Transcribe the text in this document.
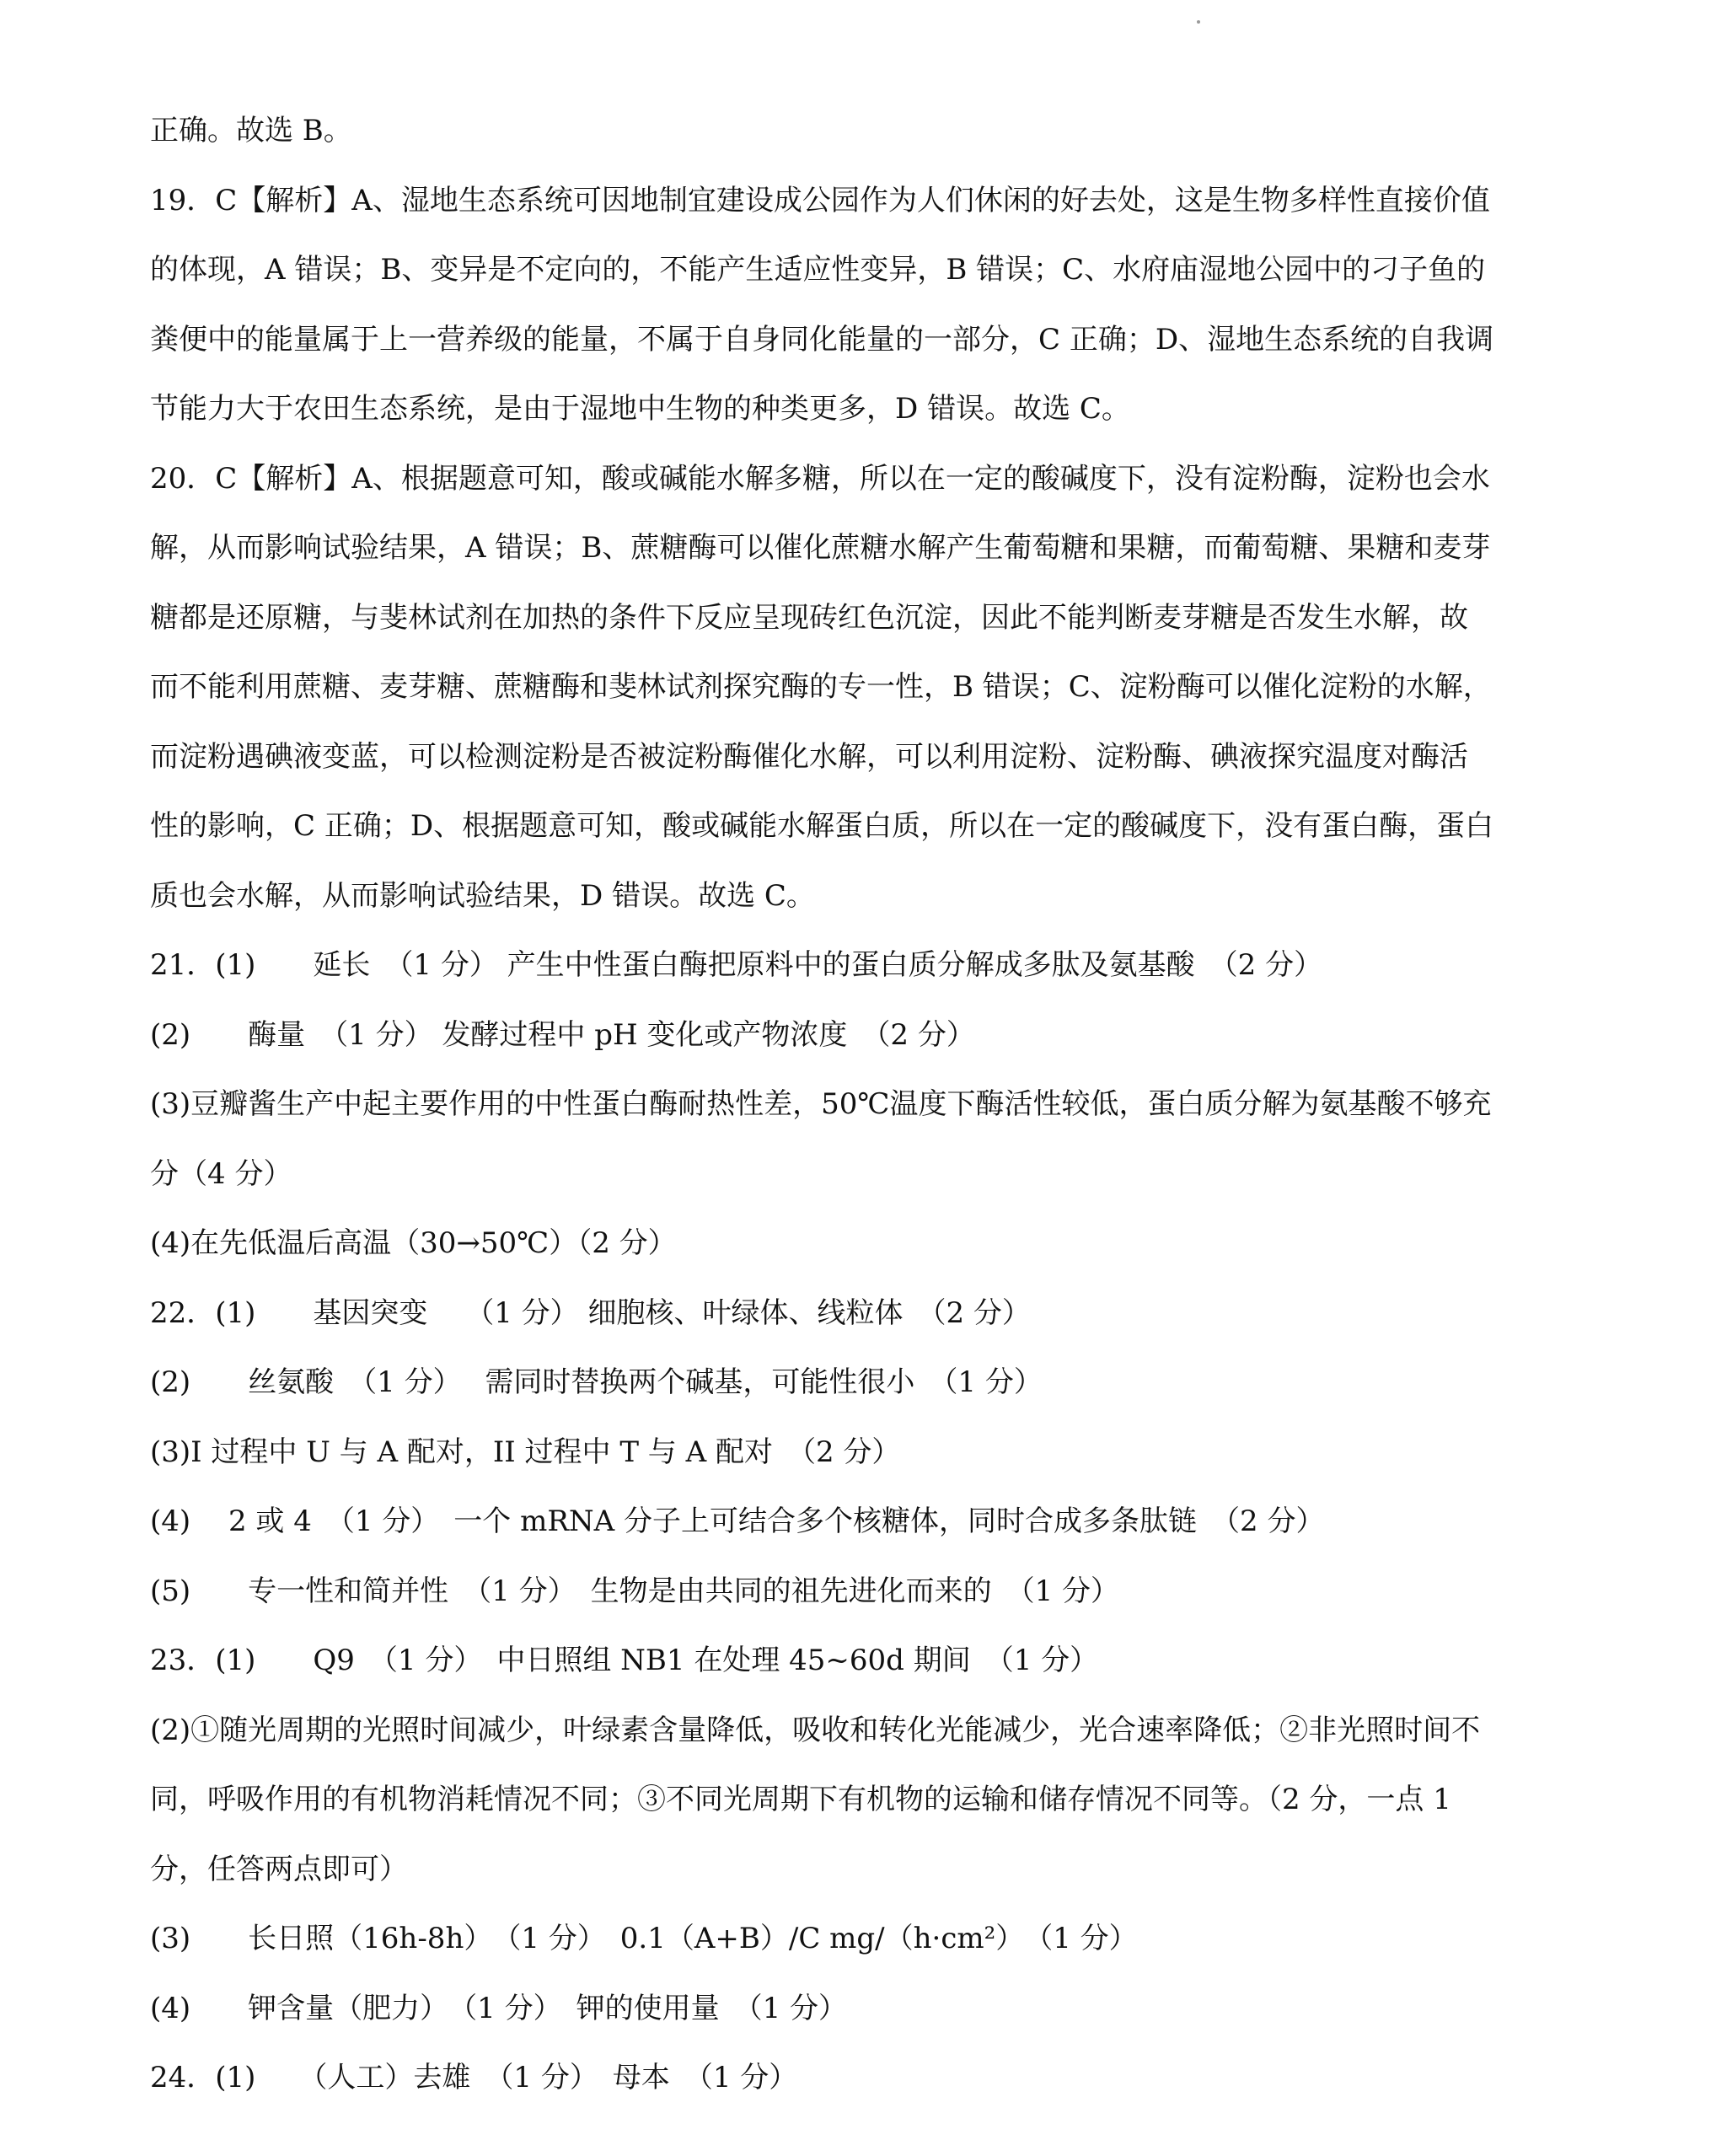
正确。故选 B。
19．C【解析】A、湿地生态系统可因地制宜建设成公园作为人们休闲的好去处，这是生物多样性直接价值
的体现，A 错误；B、变异是不定向的，不能产生适应性变异，B 错误；C、水府庙湿地公园中的刁子鱼的
粪便中的能量属于上一营养级的能量，不属于自身同化能量的一部分，C 正确；D、湿地生态系统的自我调
节能力大于农田生态系统，是由于湿地中生物的种类更多，D 错误。故选 C。
20．C【解析】A、根据题意可知，酸或碱能水解多糖，所以在一定的酸碱度下，没有淀粉酶，淀粉也会水
解，从而影响试验结果，A 错误；B、蔗糖酶可以催化蔗糖水解产生葡萄糖和果糖，而葡萄糖、果糖和麦芽
糖都是还原糖，与斐林试剂在加热的条件下反应呈现砖红色沉淀，因此不能判断麦芽糖是否发生水解，故
而不能利用蔗糖、麦芽糖、蔗糖酶和斐林试剂探究酶的专一性，B 错误；C、淀粉酶可以催化淀粉的水解，
而淀粉遇碘液变蓝，可以检测淀粉是否被淀粉酶催化水解，可以利用淀粉、淀粉酶、碘液探究温度对酶活
性的影响，C 正确；D、根据题意可知，酸或碱能水解蛋白质，所以在一定的酸碱度下，没有蛋白酶，蛋白
质也会水解，从而影响试验结果，D 错误。故选 C。
21．(1)　　延长　（1 分） 产生中性蛋白酶把原料中的蛋白质分解成多肽及氨基酸　（2 分）
(2)　　酶量　（1 分） 发酵过程中 pH 变化或产物浓度　（2 分）
(3)豆瓣酱生产中起主要作用的中性蛋白酶耐热性差，50℃温度下酶活性较低，蛋白质分解为氨基酸不够充
分（4 分）
(4)在先低温后高温（30→50℃）（2 分）
22．(1)　　基因突变　 （1 分） 细胞核、叶绿体、线粒体　（2 分）
(2)　　丝氨酸　（1 分）　 需同时替换两个碱基，可能性很小　（1 分）
(3)I 过程中 U 与 A 配对，II 过程中 T 与 A 配对　（2 分）
(4)　 2 或 4　（1 分）　一个 mRNA 分子上可结合多个核糖体，同时合成多条肽链　（2 分）
(5)　　专一性和简并性　（1 分）　生物是由共同的祖先进化而来的　（1 分）
23．(1)　　Q9　（1 分）　中日照组 NB1 在处理 45~60d 期间　（1 分）
(2)①随光周期的光照时间减少，叶绿素含量降低，吸收和转化光能减少，光合速率降低；②非光照时间不
同，呼吸作用的有机物消耗情况不同；③不同光周期下有机物的运输和储存情况不同等。（2 分，一点 1
分，任答两点即可）
(3)　　长日照（16h-8h）　（1 分）　0.1（A+B）/C mg/（h·cm²）　（1 分）
(4)　　钾含量（肥力）　（1 分）　钾的使用量　（1 分）
24．(1)　　（人工）去雄　（1 分）　母本　（1 分）
